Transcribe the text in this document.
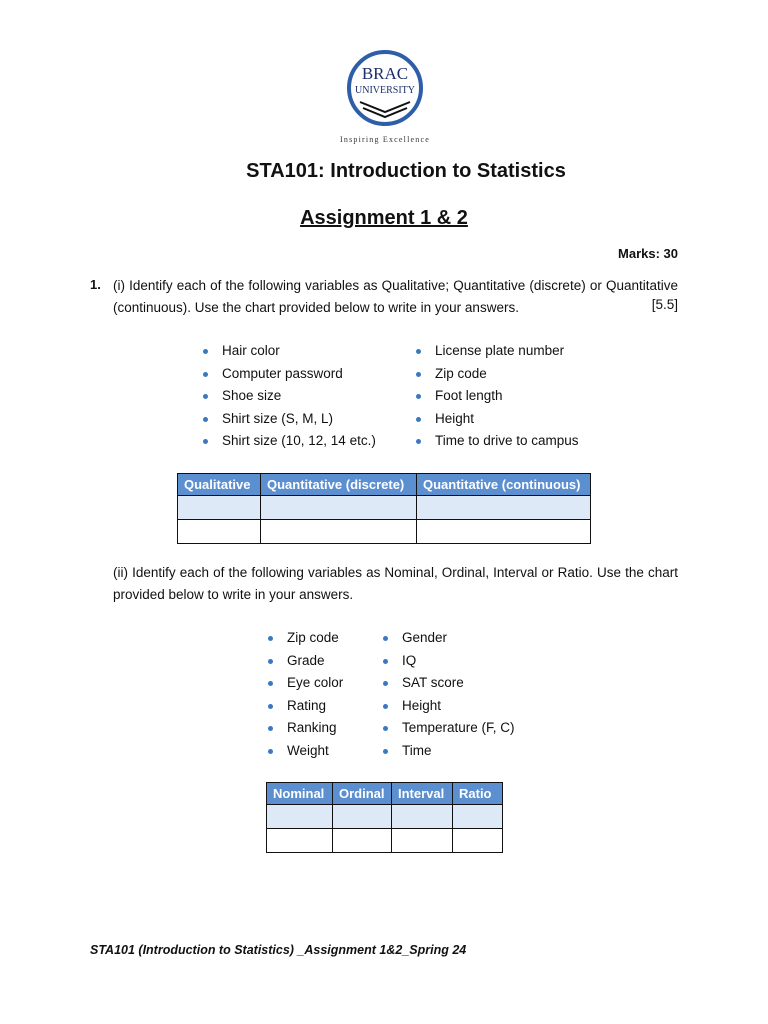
BRAC
UNIVERSITY
Inspiring Excellence
STA101: Introduction to Statistics
Assignment 1 & 2
Marks: 30
1. (i) Identify each of the following variables as Qualitative; Quantitative (discrete) or Quantitative (continuous). Use the chart provided below to write in your answers.	[5.5]
Hair color
Computer password
Shoe size
Shirt size (S, M, L)
Shirt size (10, 12, 14 etc.)
License plate number
Zip code
Foot length
Height
Time to drive to campus
Qualitative	Quantitative (discrete)	Quantitative (continuous)

(ii) Identify each of the following variables as Nominal, Ordinal, Interval or Ratio. Use the chart provided below to write in your answers.
Zip code
Grade
Eye color
Rating
Ranking
Weight
Gender
IQ
SAT score
Height
Temperature (F, C)
Time
Nominal	Ordinal	Interval	Ratio

STA101 (Introduction to Statistics) _Assignment 1&2_Spring 24
